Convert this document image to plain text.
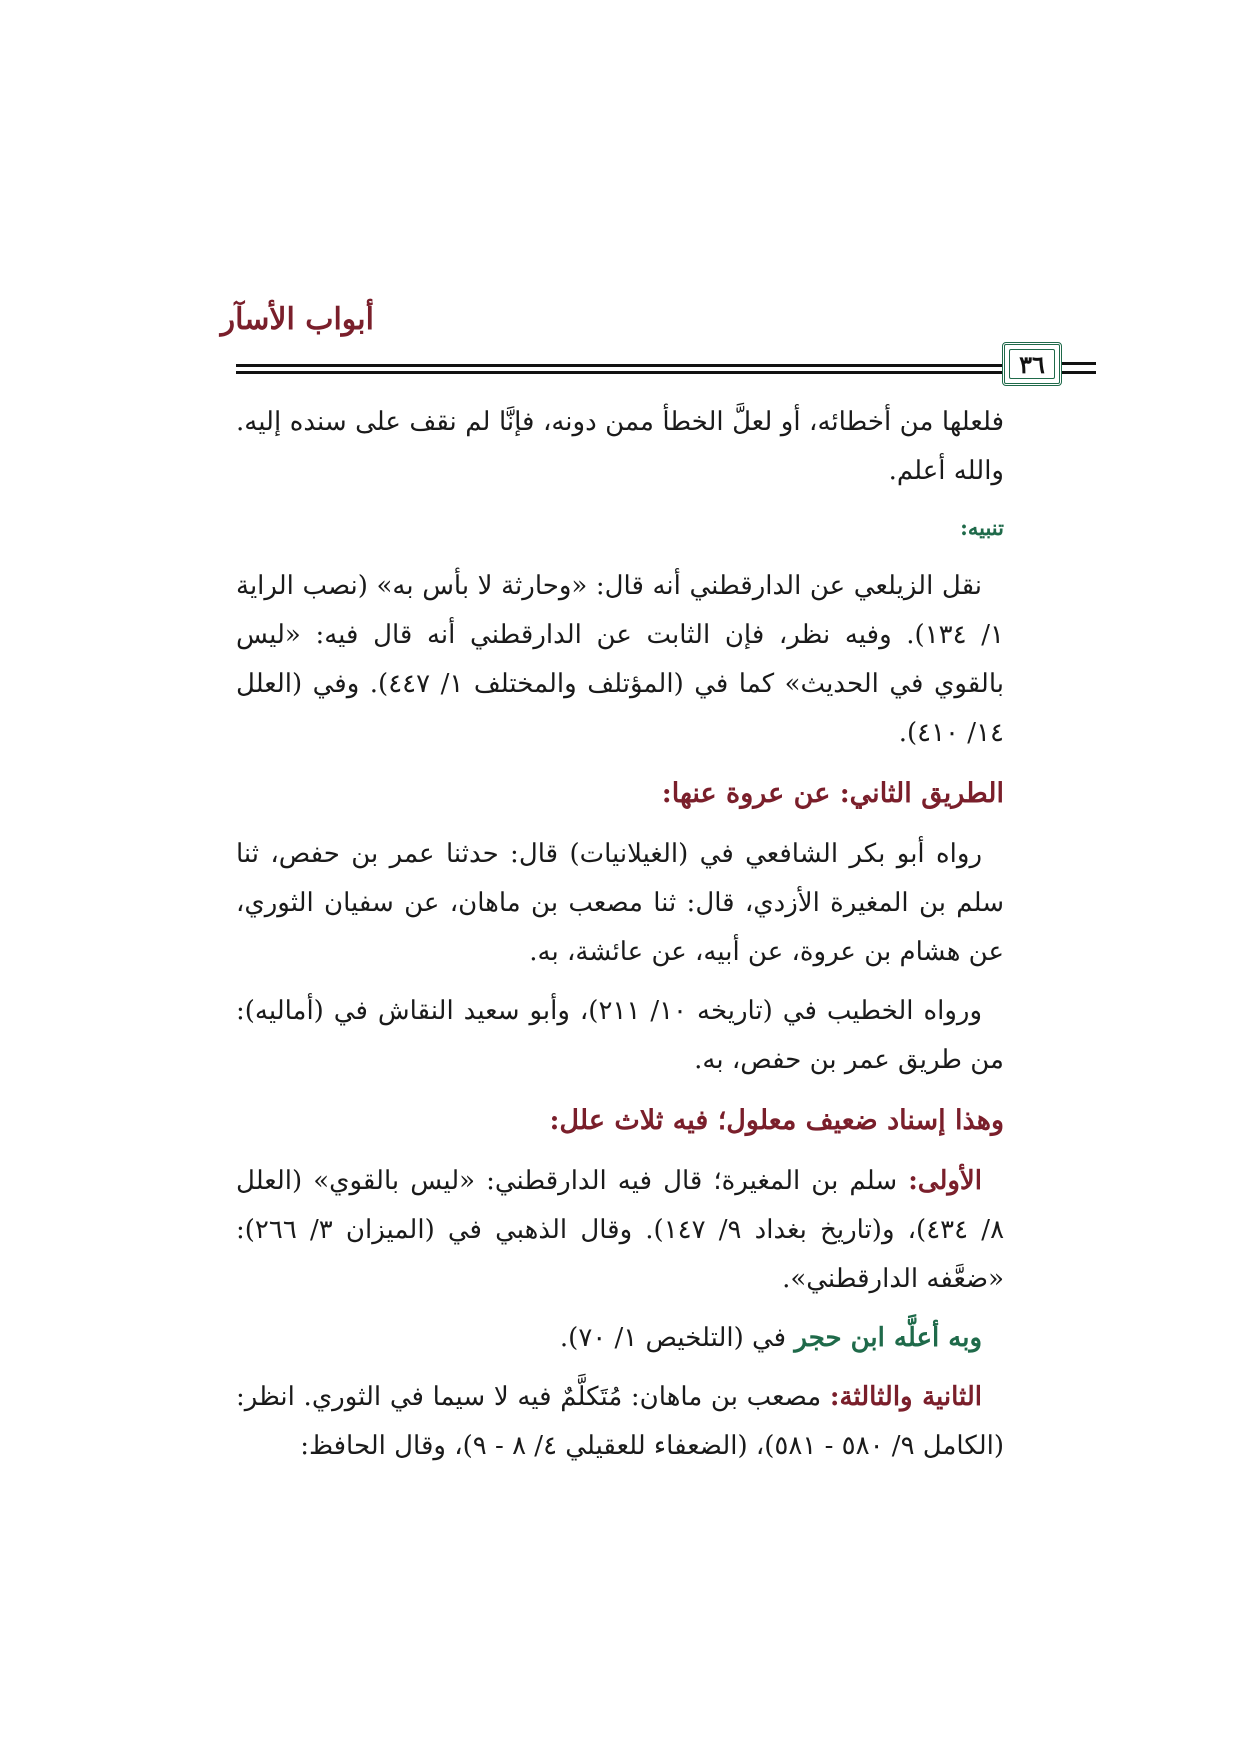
أبواب الأسآر
٣٦

فلعلها من أخطائه، أو لعلَّ الخطأ ممن دونه، فإنَّا لم نقف على سنده إليه. والله أعلم.

تنبيه:

نقل الزيلعي عن الدارقطني أنه قال: «وحارثة لا بأس به» (نصب الراية ١/ ١٣٤). وفيه نظر، فإن الثابت عن الدارقطني أنه قال فيه: «ليس بالقوي في الحديث» كما في (المؤتلف والمختلف ١/ ٤٤٧). وفي (العلل ١٤/ ٤١٠).

الطريق الثاني: عن عروة عنها:

رواه أبو بكر الشافعي في (الغيلانيات) قال: حدثنا عمر بن حفص، ثنا سلم بن المغيرة الأزدي، قال: ثنا مصعب بن ماهان، عن سفيان الثوري، عن هشام بن عروة، عن أبيه، عن عائشة، به.

ورواه الخطيب في (تاريخه ١٠/ ٢١١)، وأبو سعيد النقاش في (أماليه): من طريق عمر بن حفص، به.

وهذا إسناد ضعيف معلول؛ فيه ثلاث علل:

الأولى: سلم بن المغيرة؛ قال فيه الدارقطني: «ليس بالقوي» (العلل ٨/ ٤٣٤)، و(تاريخ بغداد ٩/ ١٤٧). وقال الذهبي في (الميزان ٣/ ٢٦٦): «ضعَّفه الدارقطني».

وبه أعلَّه ابن حجر في (التلخيص ١/ ٧٠).

الثانية والثالثة: مصعب بن ماهان: مُتَكلَّمٌ فيه لا سيما في الثوري. انظر: (الكامل ٩/ ٥٨٠ - ٥٨١)، (الضعفاء للعقيلي ٤/ ٨ - ٩)، وقال الحافظ:
